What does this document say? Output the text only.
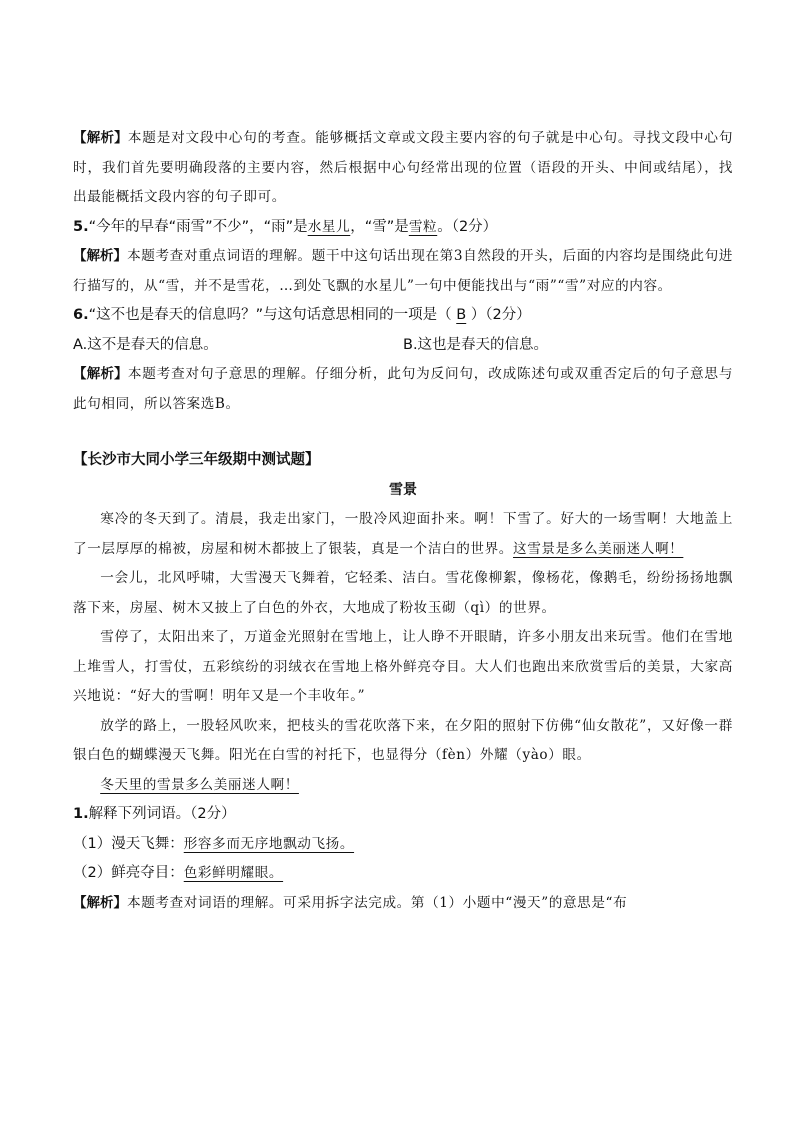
【解析】本题是对文段中心句的考查。能够概括文章或文段主要内容的句子就是中心句。寻找文段中心句时，我们首先要明确段落的主要内容，然后根据中心句经常出现的位置（语段的开头、中间或结尾），找出最能概括文段内容的句子即可。

5.“今年的早春“雨雪”不少”，“雨”是水星儿，“雪”是雪粒。（2分）

【解析】本题考查对重点词语的理解。题干中这句话出现在第3自然段的开头，后面的内容均是围绕此句进行描写的，从“雪，并不是雪花，…到处飞飘的水星儿”一句中便能找出与“雨”“雪”对应的内容。

6.“这不也是春天的信息吗？”与这句话意思相同的一项是（ B ）（2分）

A.这不是春天的信息。	B.这也是春天的信息。

【解析】本题考查对句子意思的理解。仔细分析，此句为反问句，改成陈述句或双重否定后的句子意思与此句相同，所以答案选B。

【长沙市大同小学三年级期中测试题】
雪景

寒冷的冬天到了。清晨，我走出家门，一股冷风迎面扑来。啊！下雪了。好大的一场雪啊！大地盖上了一层厚厚的棉被，房屋和树木都披上了银装，真是一个洁白的世界。这雪景是多么美丽迷人啊！

一会儿，北风呼啸，大雪漫天飞舞着，它轻柔、洁白。雪花像柳絮，像杨花，像鹅毛，纷纷扬扬地飘落下来，房屋、树木又披上了白色的外衣，大地成了粉妆玉砌（qì）的世界。

雪停了，太阳出来了，万道金光照射在雪地上，让人睁不开眼睛，许多小朋友出来玩雪。他们在雪地上堆雪人，打雪仗，五彩缤纷的羽绒衣在雪地上格外鲜亮夺目。大人们也跑出来欣赏雪后的美景，大家高兴地说：“好大的雪啊！明年又是一个丰收年。”

放学的路上，一股轻风吹来，把枝头的雪花吹落下来，在夕阳的照射下仿佛“仙女散花”，又好像一群银白色的蝴蝶漫天飞舞。阳光在白雪的衬托下，也显得分（fèn）外耀（yào）眼。

冬天里的雪景多么美丽迷人啊！

1.解释下列词语。（2分）

（1）漫天飞舞：形容多而无序地飘动飞扬。

（2）鲜亮夺目：色彩鲜明耀眼。

【解析】本题考查对词语的理解。可采用拆字法完成。第（1）小题中“漫天”的意思是“布
